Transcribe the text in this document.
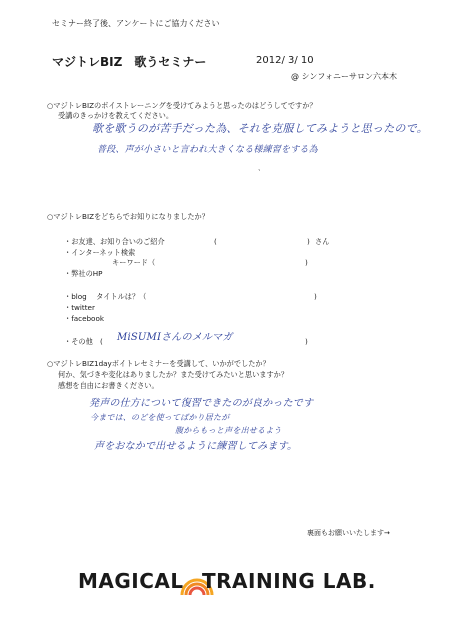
セミナー終了後、アンケートにご協力ください
マジトレBIZ　歌うセミナー	2012/ 3/ 10
@ シンフォニーサロン六本木
○マジトレBIZのボイストレーニングを受けてみようと思ったのはどうしてですか？
受講のきっかけを教えてください。
歌を歌うのが苦手だった為、それを克服してみようと思ったので。
普段、声が小さいと言われ大きくなる様練習をする為
、
○マジトレBIZをどちらでお知りになりましたか？
・お友達、お知り合いのご紹介	(	) さん
・インターネット検索
キーワード（	)
・弊社のHP
・blog　 タイトルは？（	)
・twitter
・facebook
・その他　( MiSUMIさんのメルマガ	)
○マジトレBIZ1dayボイトレセミナーを受講して、いかがでしたか？
何か、気づきや変化はありましたか？また受けてみたいと思いますか？
感想を自由にお書きください。
発声の仕方について復習できたのが良かったです
今までは、のどを使ってばかり居たが
腹からもっと声を出せるよう
声をおなかで出せるように練習してみます。
裏面もお願いいたします→
MAGICAL TRAINING LAB.
